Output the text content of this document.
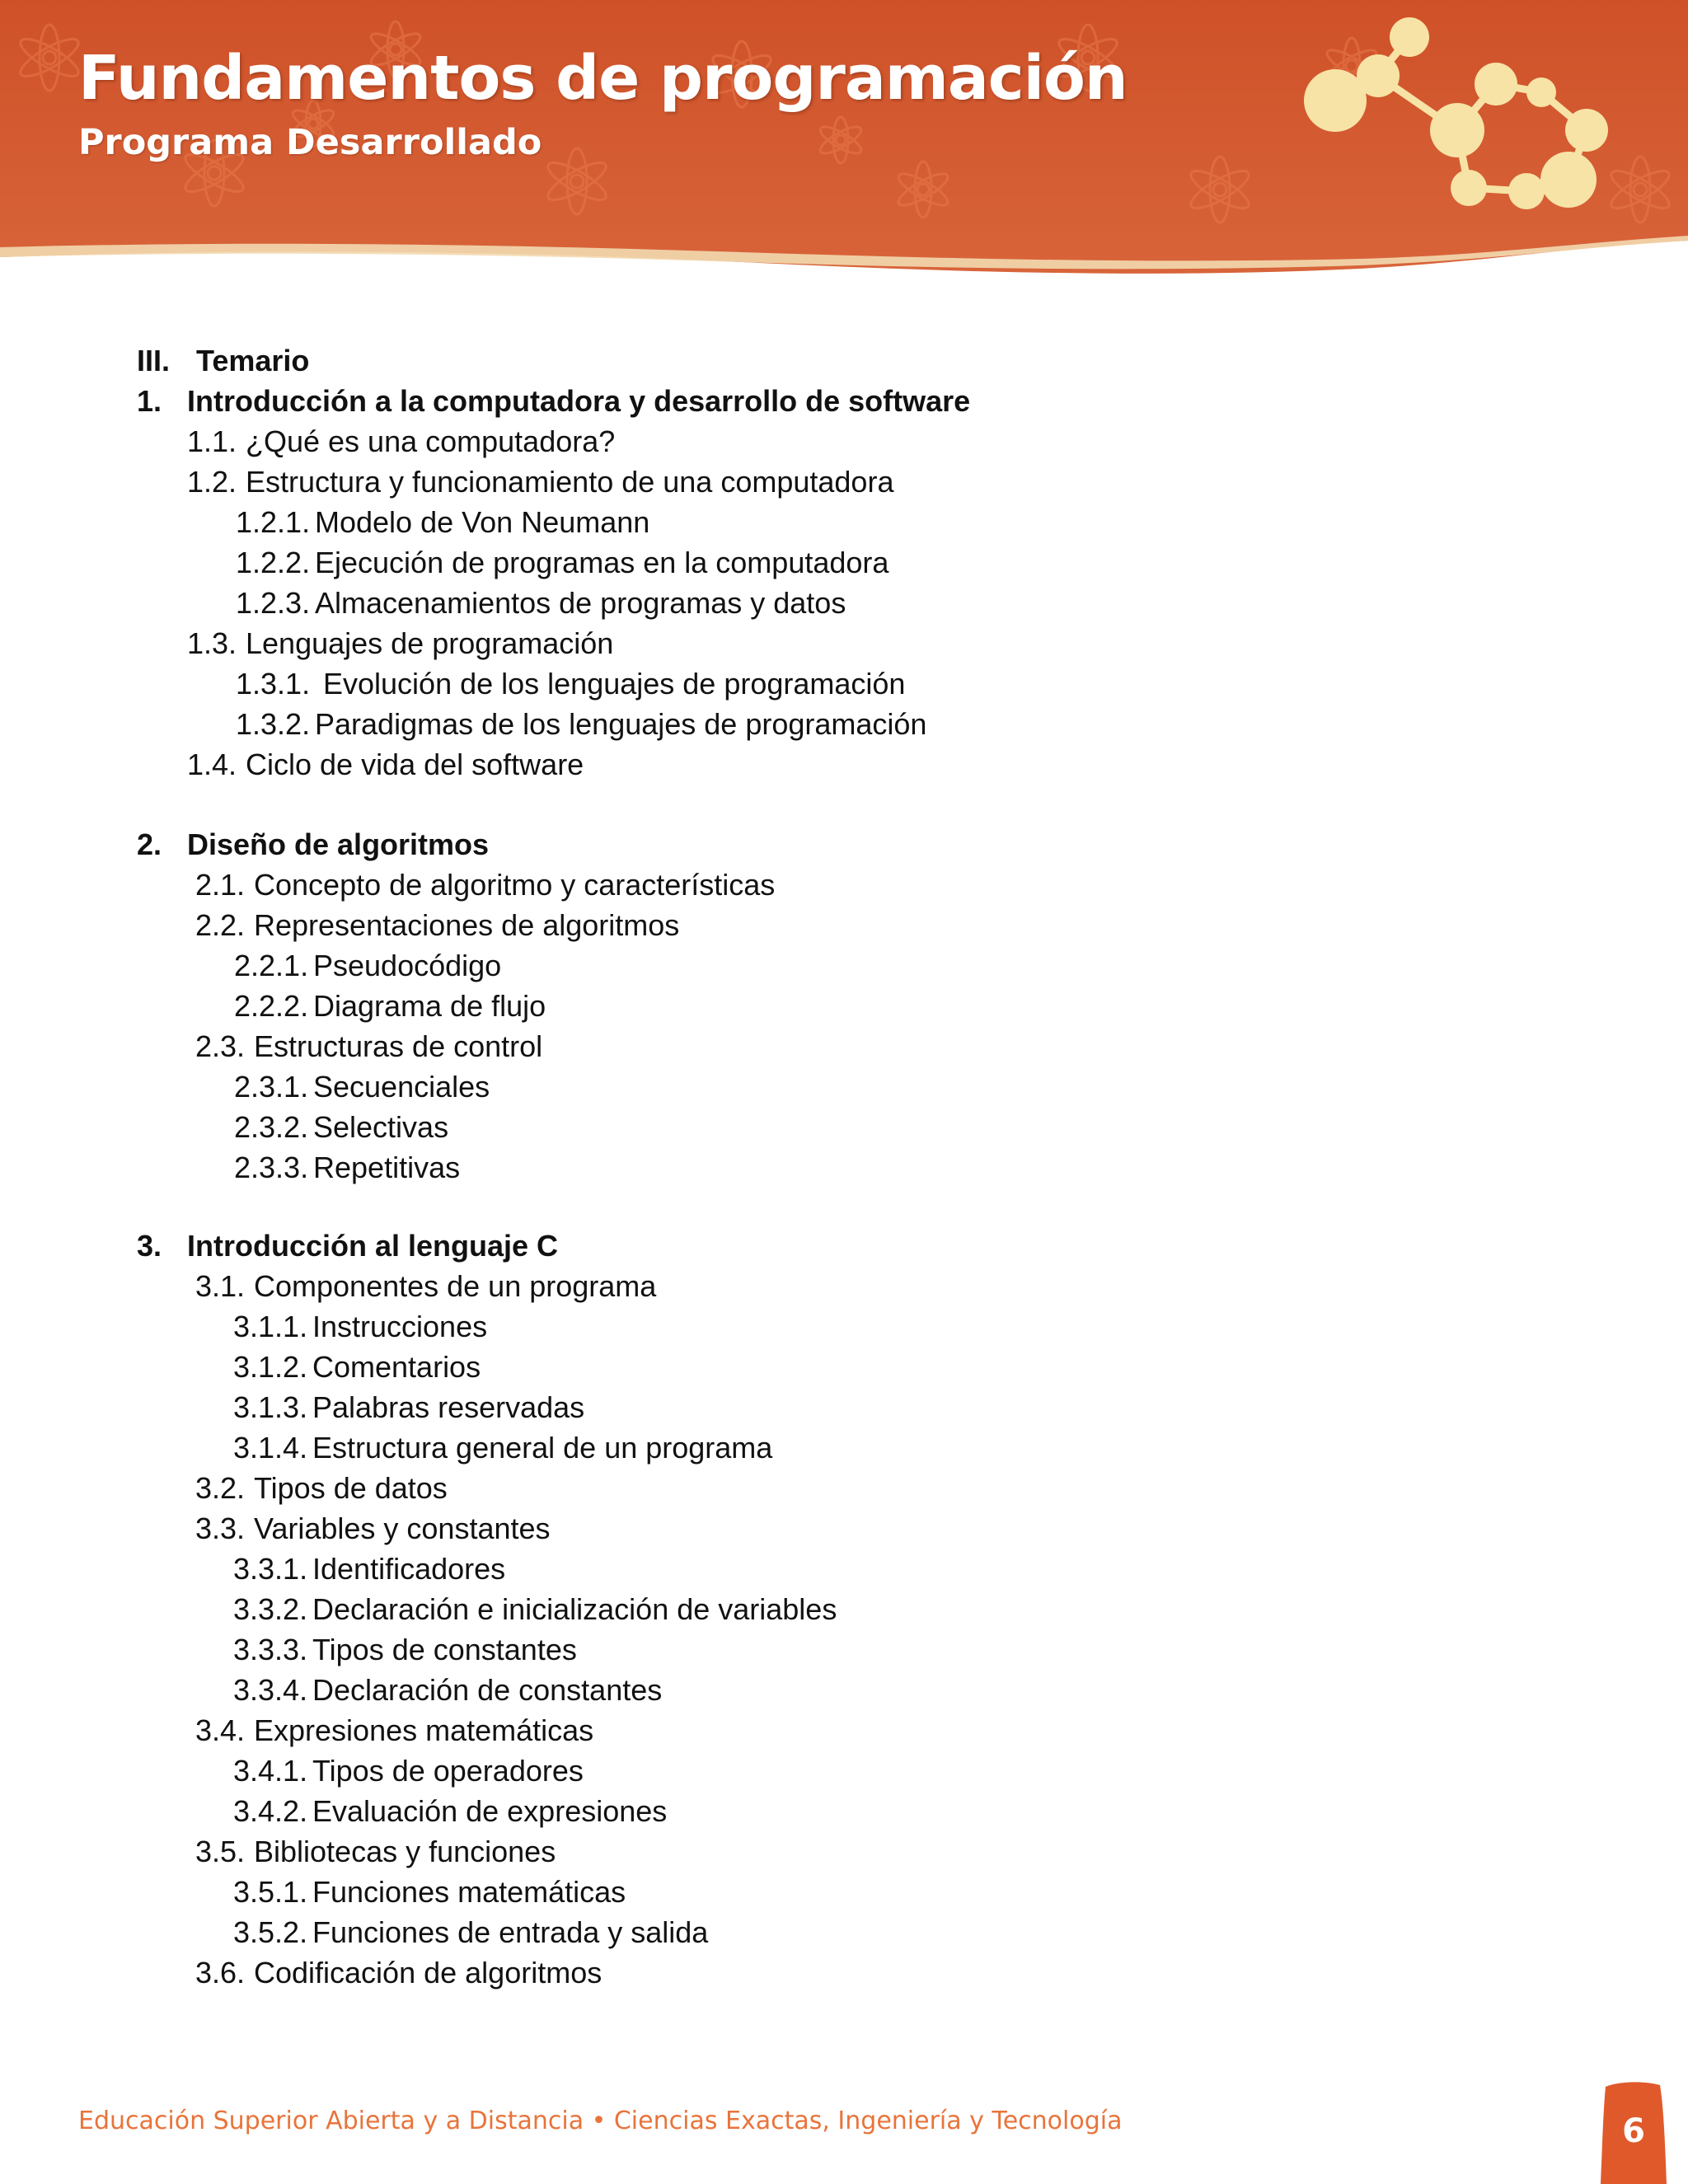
Fundamentos de programación
Programa Desarrollado
III. Temario
1. Introducción a la computadora y desarrollo de software
1.1. ¿Qué es una computadora?
1.2. Estructura y funcionamiento de una computadora
1.2.1. Modelo de Von Neumann
1.2.2. Ejecución de programas en la computadora
1.2.3. Almacenamientos de programas y datos
1.3. Lenguajes de programación
1.3.1. Evolución de los lenguajes de programación
1.3.2. Paradigmas de los lenguajes de programación
1.4. Ciclo de vida del software
2. Diseño de algoritmos
2.1. Concepto de algoritmo y características
2.2. Representaciones de algoritmos
2.2.1. Pseudocódigo
2.2.2. Diagrama de flujo
2.3. Estructuras de control
2.3.1. Secuenciales
2.3.2. Selectivas
2.3.3. Repetitivas
3. Introducción al lenguaje C
3.1. Componentes de un programa
3.1.1. Instrucciones
3.1.2. Comentarios
3.1.3. Palabras reservadas
3.1.4. Estructura general de un programa
3.2. Tipos de datos
3.3. Variables y constantes
3.3.1. Identificadores
3.3.2. Declaración e inicialización de variables
3.3.3. Tipos de constantes
3.3.4. Declaración de constantes
3.4. Expresiones matemáticas
3.4.1. Tipos de operadores
3.4.2. Evaluación de expresiones
3.5. Bibliotecas y funciones
3.5.1. Funciones matemáticas
3.5.2. Funciones de entrada y salida
3.6. Codificación de algoritmos
Educación Superior Abierta y a Distancia • Ciencias Exactas, Ingeniería y Tecnología	6
